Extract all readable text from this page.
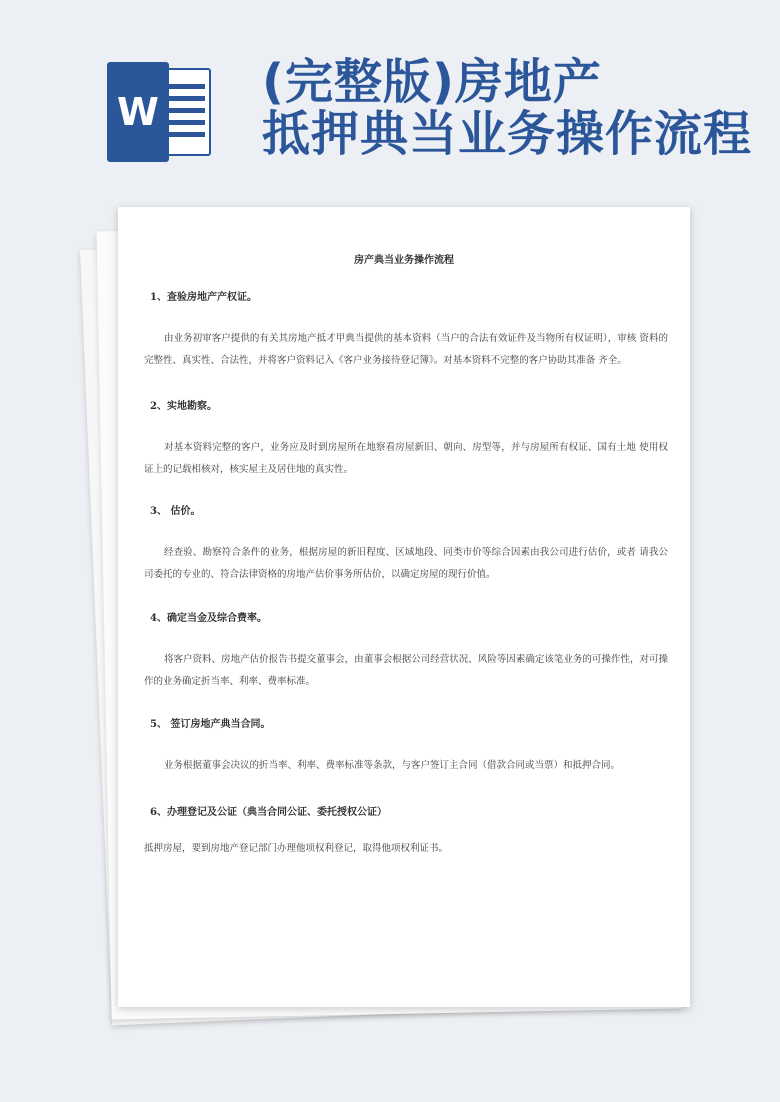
W
(完整版)房地产
抵押典当业务操作流程
房产典当业务操作流程
1、查验房地产产权证。
由业务初审客户提供的有关其房地产抵才甲典当提供的基本资料（当户的合法有效证件及当物所有权证明），审核 资料的完整性、真实性、合法性，并将客户资料记入《客户业务接待登记簿》。对基本资料不完整的客户协助其准备 齐全。
2、实地勘察。
对基本资料完整的客户，业务应及时到房屋所在地察看房屋新旧、朝向、房型等，并与房屋所有权证、国有土地 使用权证上的记载相核对，核实屋主及居住地的真实性。
3、 估价。
经查验、勘察符合条件的业务，根据房屋的新旧程度、区域地段、同类市价等综合因素由我公司进行估价，或者 请我公司委托的专业的、符合法律资格的房地产估价事务所估价，以确定房屋的现行价值。
4、确定当金及综合费率。
将客户资料、房地产估价报告书提交董事会，由董事会根据公司经营状况、风险等因素确定该笔业务的可操作性，对可操作的业务确定折当率、利率、费率标准。
5、 签订房地产典当合同。
业务根据董事会决议的折当率、利率、费率标准等条款，与客户签订主合同（借款合同或当票）和抵押合同。
6、办理登记及公证（典当合同公证、委托授权公证）
抵押房屋，要到房地产登记部门办理他项权利登记，取得他项权利证书。
